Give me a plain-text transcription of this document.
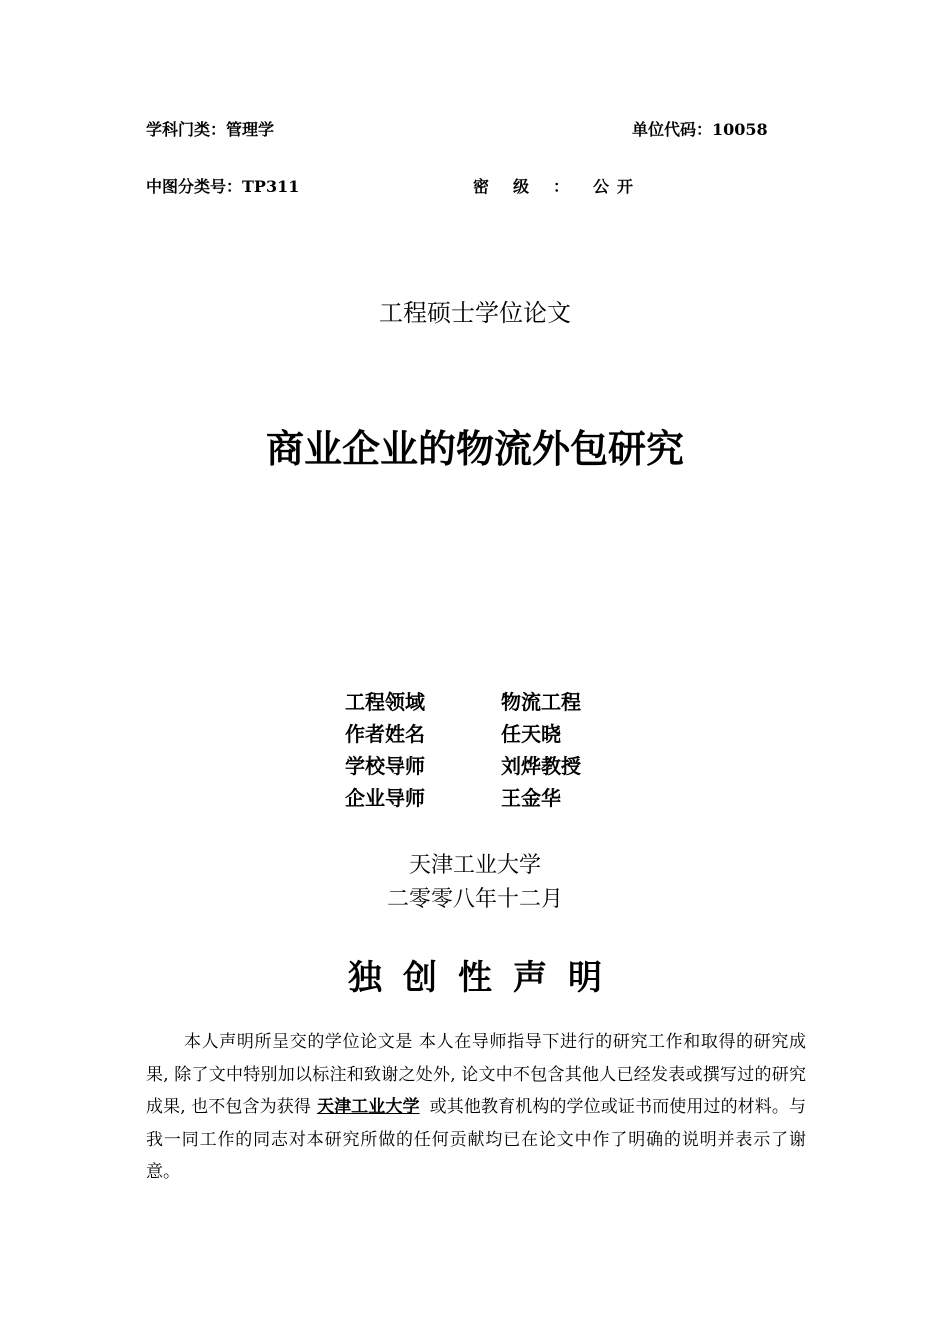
学科门类：管理学	单位代码：10058
中图分类号：TP311	密级：公开
工程硕士学位论文
商业企业的物流外包研究
工程领域	物流工程
作者姓名	任天晓
学校导师	刘烨教授
企业导师	王金华
天津工业大学
二零零八年十二月
独创性声明
本人声明所呈交的学位论文是 本人在导师指导下进行的研究工作和取得的研究成果, 除了文中特别加以标注和致谢之处外, 论文中不包含其他人已经发表或撰写过的研究成果, 也不包含为获得 天津工业大学 或其他教育机构的学位或证书而使用过的材料。与我一同工作的同志对本研究所做的任何贡献均已在论文中作了明确的说明并表示了谢意。
